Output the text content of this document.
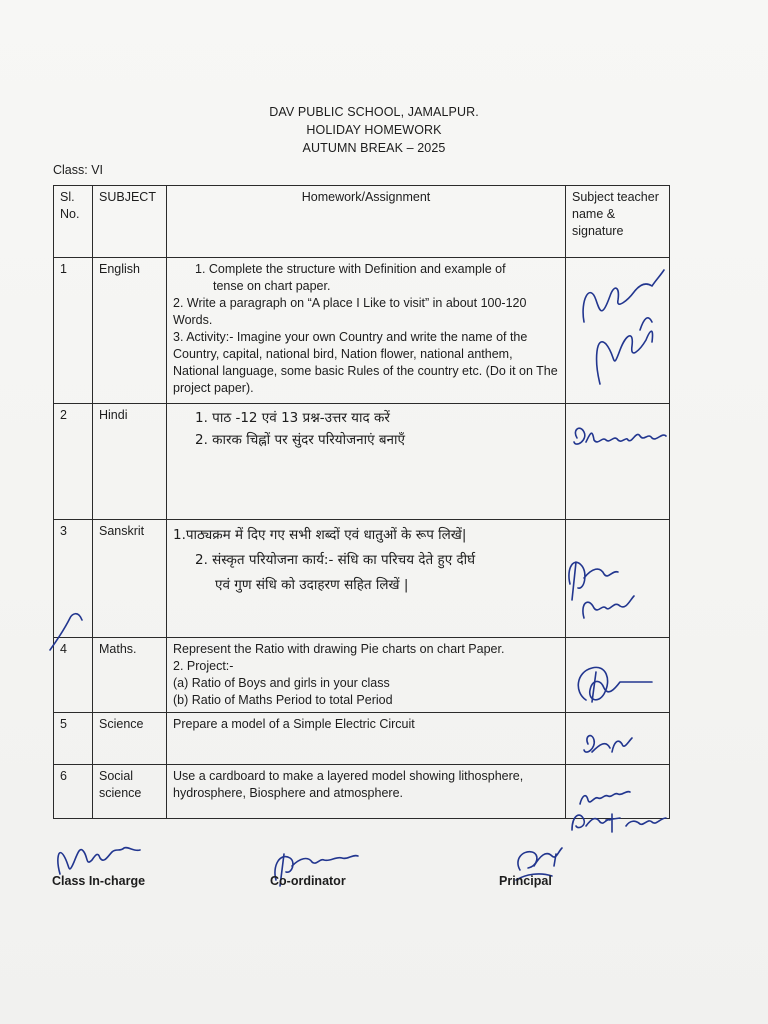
DAV PUBLIC SCHOOL, JAMALPUR.
HOLIDAY HOMEWORK
AUTUMN BREAK – 2025
Class: VI
Sl. No.	SUBJECT	Homework/Assignment	Subject teacher name & signature
1	English	1. Complete the structure with Definition and example of
tense on chart paper.
2. Write a paragraph on “A place I Like to visit” in about 100-120 Words.
3. Activity:- Imagine your own Country and write the name of the Country, capital, national bird, Nation flower, national anthem, National language, some basic Rules of the country etc. (Do it on The project paper).	

2	Hindi	1. पाठ -12 एवं 13 प्रश्न-उत्तर याद करें
2. कारक चिह्नों पर सुंदर परियोजनाएं बनाएँ	

3	Sanskrit	1.पाठ्यक्रम में दिए गए सभी शब्दों एवं धातुओं के रूप लिखें|
2. संस्कृत परियोजना कार्य:- संधि का परिचय देते हुए दीर्घ
एवं गुण संधि को उदाहरण सहित लिखें |	

4	Maths.	Represent the Ratio with drawing Pie charts on chart Paper.
2. Project:-
(a) Ratio of Boys and girls in your class
(b) Ratio of Maths Period to total Period	

5	Science	Prepare a model of a Simple Electric Circuit	

6	Social science	Use a cardboard to make a layered model showing lithosphere, hydrosphere, Biosphere and atmosphere.	

Class In-charge	Co-ordinator	Principal
